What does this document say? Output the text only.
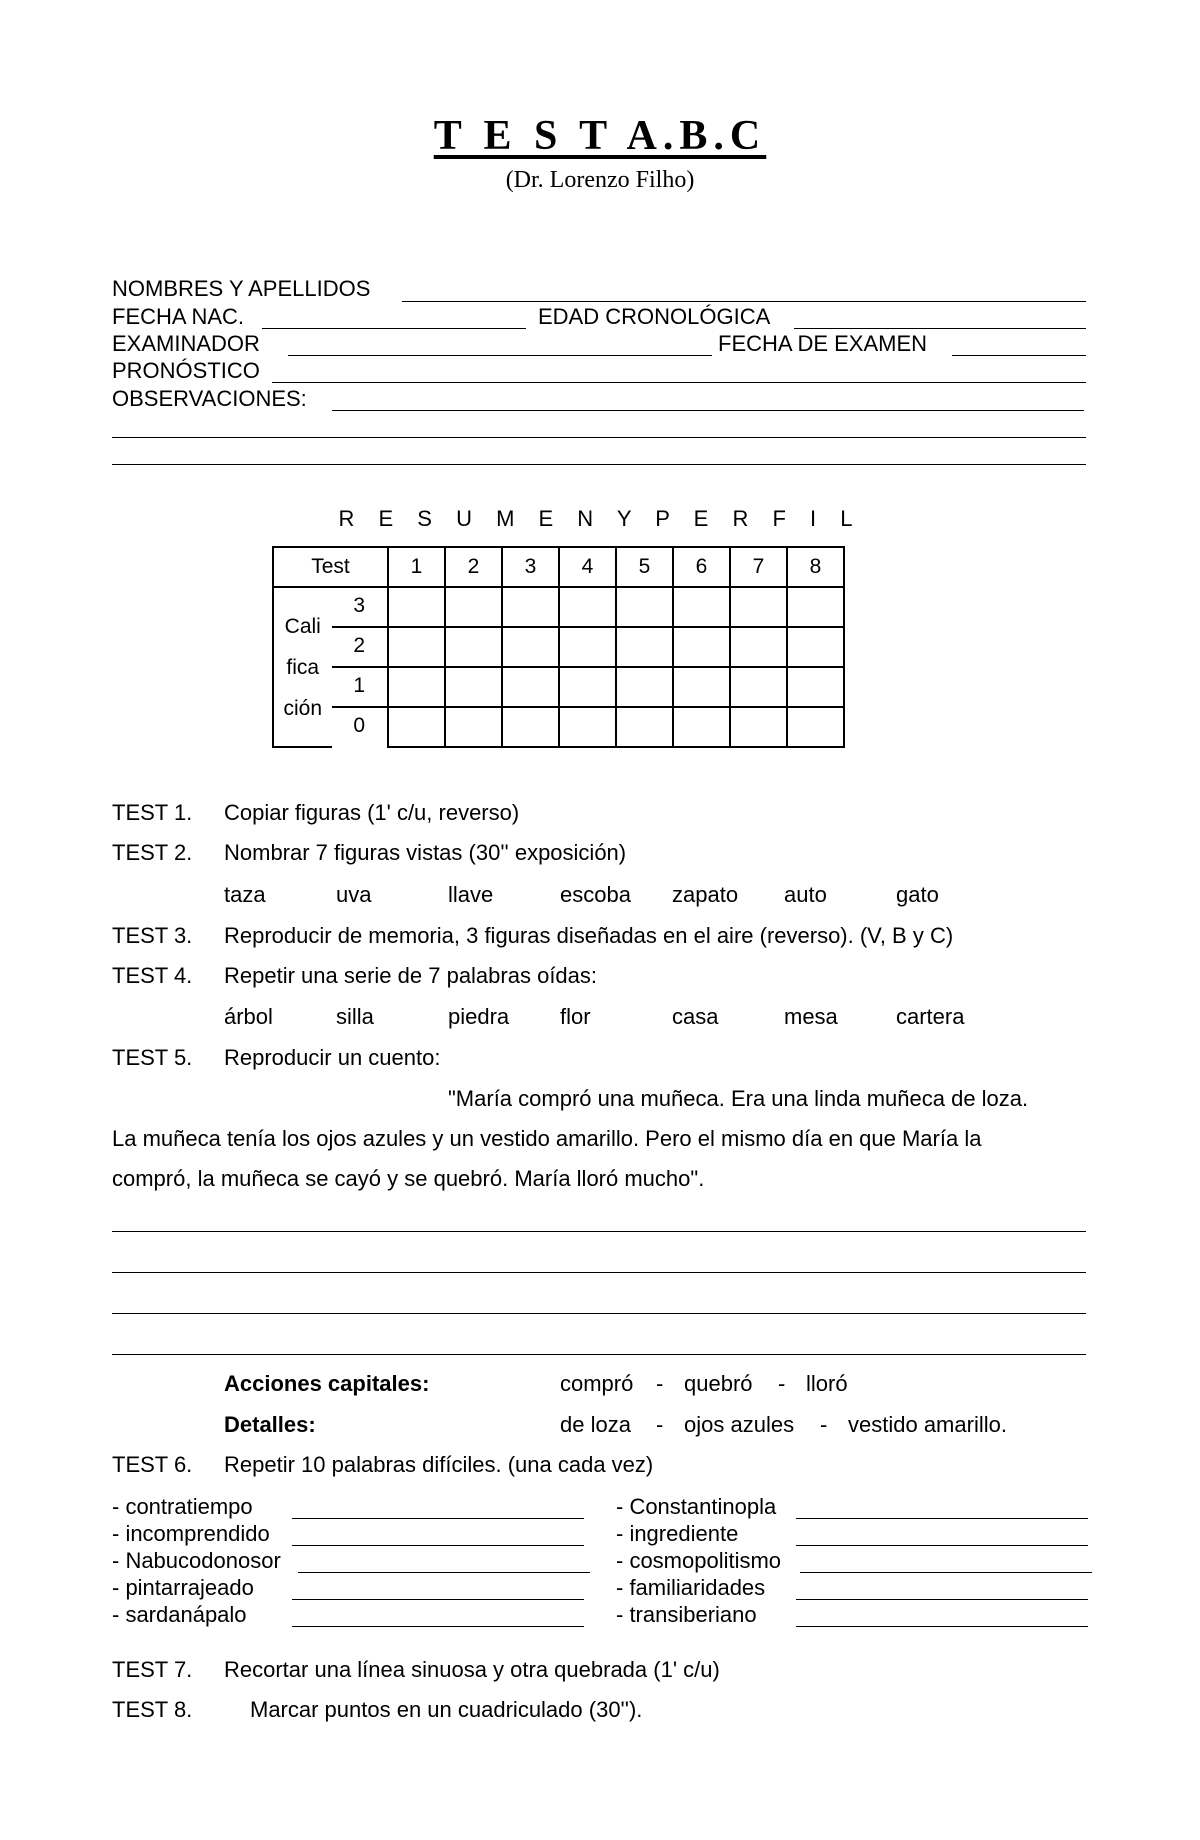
T E S T A.B.C
(Dr. Lorenzo Filho)
NOMBRES Y APELLIDOS
FECHA NAC.	EDAD CRONOLÓGICA
EXAMINADOR	FECHA DE EXAMEN
PRONÓSTICO
OBSERVACIONES:
R E S U M E N Y P E R F I L
Test		1	2	3	4	5	6	7	8

Cali
fica
ción	3								

	2								

	1								

	0								

TEST 1. Copiar figuras (1' c/u, reverso)
TEST 2. Nombrar 7 figuras vistas (30'' exposición)
taza	uva	llave	escoba zapato auto	gato
TEST 3. Reproducir de memoria, 3 figuras diseñadas en el aire (reverso). (V, B y C)
TEST 4. Repetir una serie de 7 palabras oídas:
árbol	silla	piedra flor	casa	mesa	cartera
TEST 5. Reproducir un cuento:
"María compró una muñeca. Era una linda muñeca de loza.
La muñeca tenía los ojos azules y un vestido amarillo. Pero el mismo día en que María la
compró, la muñeca se cayó y se quebró. María lloró mucho".
Acciones capitales:	compró - quebró - lloró
Detalles:	de loza - ojos azules - vestido amarillo.
TEST 6. Repetir 10 palabras difíciles. (una cada vez)
- contratiempo	- Constantinopla
- incomprendido	- ingrediente
- Nabucodonosor	- cosmopolitismo
- pintarrajeado	- familiaridades
- sardanápalo	- transiberiano
TEST 7. Recortar una línea sinuosa y otra quebrada (1' c/u)
TEST 8.	Marcar puntos en un cuadriculado (30'').
